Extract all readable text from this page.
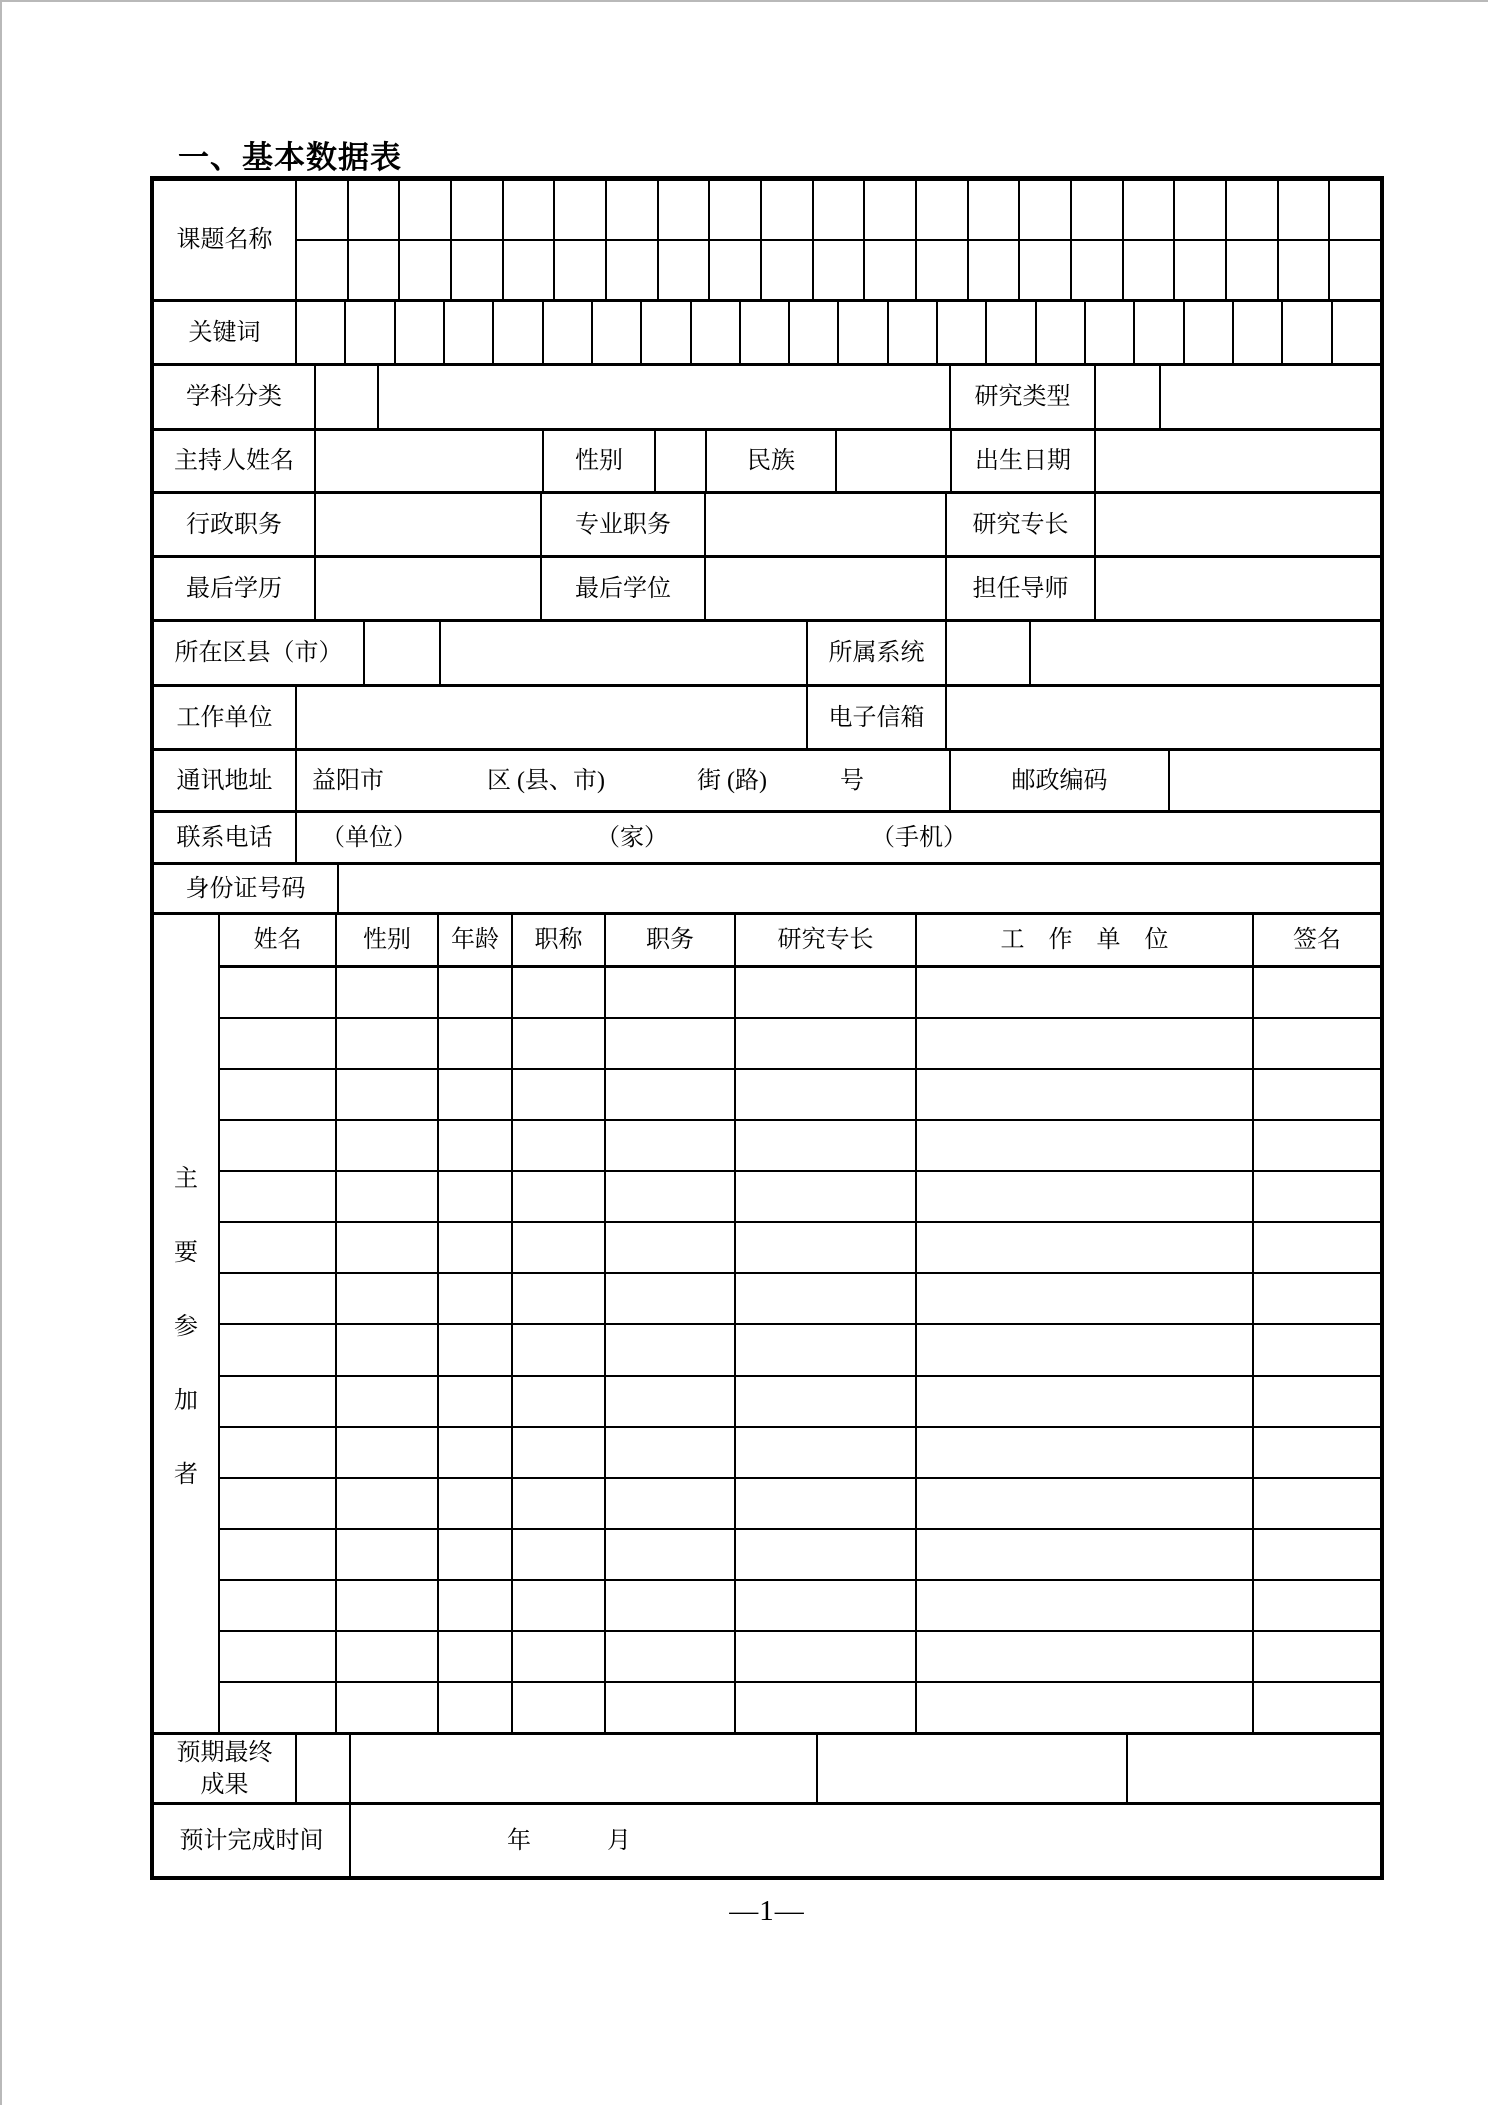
一、基本数据表
课题名称
关键词
学科分类	研究类型
主持人姓名	性别	民族	出生日期
行政职务	专业职务	研究专长
最后学历	最后学位	担任导师
所在区县（市）	所属系统
工作单位	电子信箱
通讯地址	益阳市	区 (县、市)	街 (路)	号	邮政编码
联系电话	（单位）	（家）	（手机）
身份证号码
主
要
参
加
者
姓名	性别	年龄	职称	职务	研究专长	工　作　单　位	签名
预期最终
成果
预计完成时间	年	月
—1—
